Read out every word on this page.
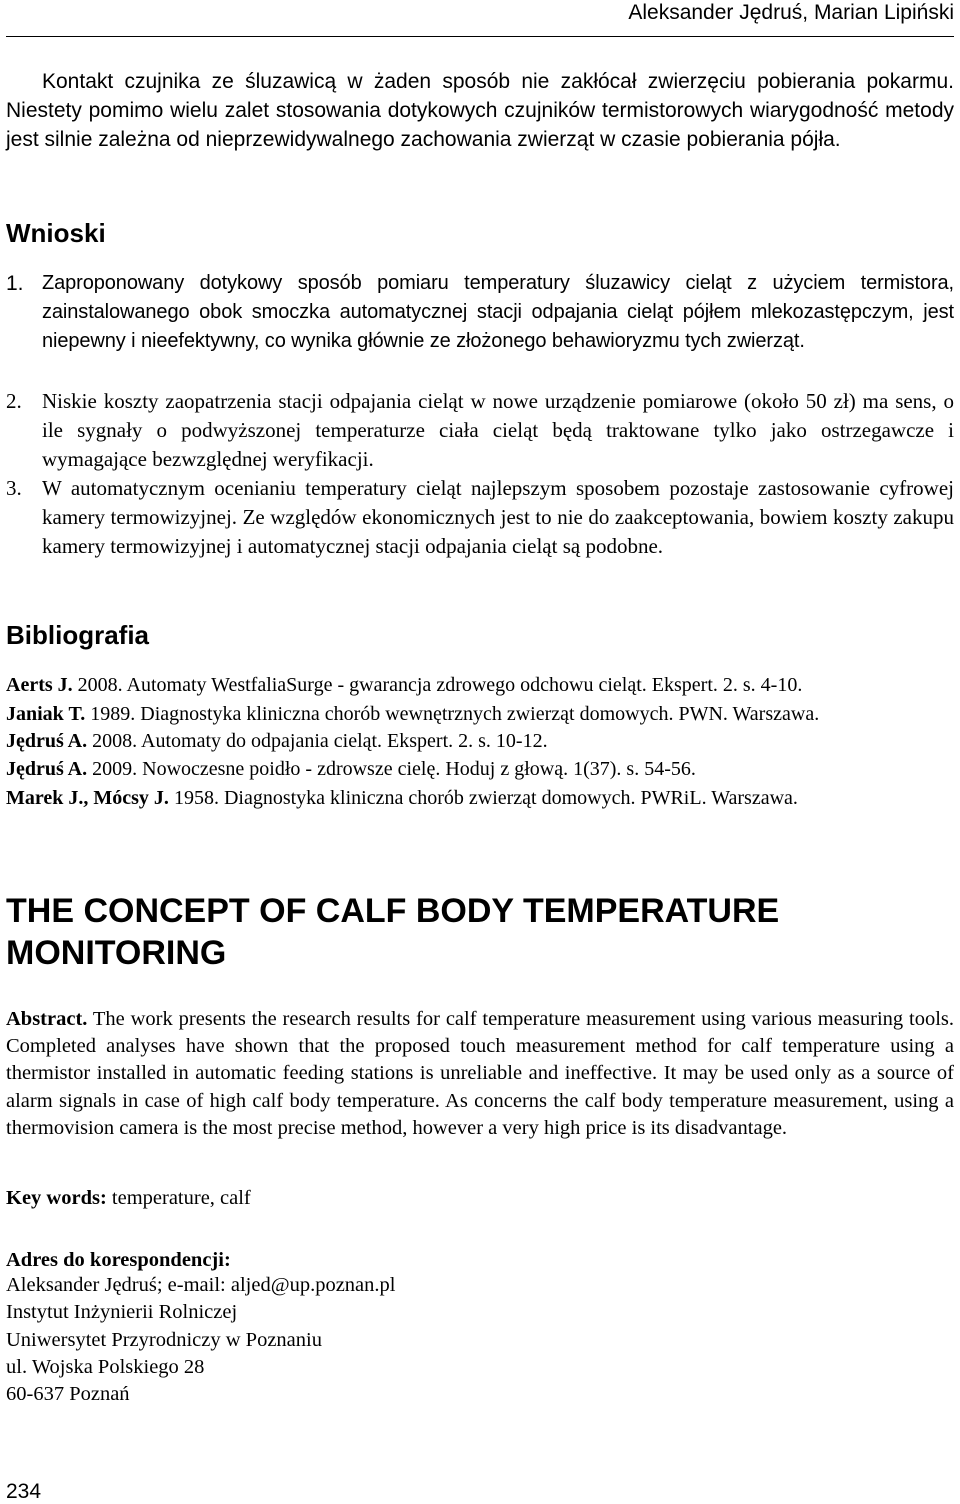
Aleksander Jędruś, Marian Lipiński

Kontakt czujnika ze śluzawicą w żaden sposób nie zakłócał zwierzęciu pobierania pokarmu. Niestety pomimo wielu zalet stosowania dotykowych czujników termistorowych wiarygodność metody jest silnie zależna od nieprzewidywalnego zachowania zwierząt w czasie pobierania pójła.

Wnioski
1. Zaproponowany dotykowy sposób pomiaru temperatury śluzawicy cieląt z użyciem termistora, zainstalowanego obok smoczka automatycznej stacji odpajania cieląt pójłem mlekozastępczym, jest niepewny i nieefektywny, co wynika głównie ze złożonego behawioryzmu tych zwierząt.

2. Niskie koszty zaopatrzenia stacji odpajania cieląt w nowe urządzenie pomiarowe (około 50 zł) ma sens, o ile sygnały o podwyższonej temperaturze ciała cieląt będą traktowane tylko jako ostrzegawcze i wymagające bezwzględnej weryfikacji.

3. W automatycznym ocenianiu temperatury cieląt najlepszym sposobem pozostaje zastosowanie cyfrowej kamery termowizyjnej. Ze względów ekonomicznych jest to nie do zaakceptowania, bowiem koszty zakupu kamery termowizyjnej i automatycznej stacji odpajania cieląt są podobne.

Bibliografia

Aerts J. 2008. Automaty WestfaliaSurge - gwarancja zdrowego odchowu cieląt. Ekspert. 2. s. 4-10.

Janiak T. 1989. Diagnostyka kliniczna chorób wewnętrznych zwierząt domowych. PWN. Warszawa.

Jędruś A. 2008. Automaty do odpajania cieląt. Ekspert. 2. s. 10-12.

Jędruś A. 2009. Nowoczesne poidło - zdrowsze cielę. Hoduj z głową. 1(37). s. 54-56.

Marek J., Mócsy J. 1958. Diagnostyka kliniczna chorób zwierząt domowych. PWRiL. Warszawa.

THE CONCEPT OF CALF BODY TEMPERATURE
MONITORING

Abstract. The work presents the research results for calf temperature measurement using various measuring tools. Completed analyses have shown that the proposed touch measurement method for calf temperature using a thermistor installed in automatic feeding stations is unreliable and ineffective. It may be used only as a source of alarm signals in case of high calf body temperature. As concerns the calf body temperature measurement, using a thermovision camera is the most precise method, however a very high price is its disadvantage.

Key words: temperature, calf

Adres do korespondencji:

Aleksander Jędruś; e-mail: aljed@up.poznan.pl
Instytut Inżynierii Rolniczej
Uniwersytet Przyrodniczy w Poznaniu
ul. Wojska Polskiego 28
60-637 Poznań
234
